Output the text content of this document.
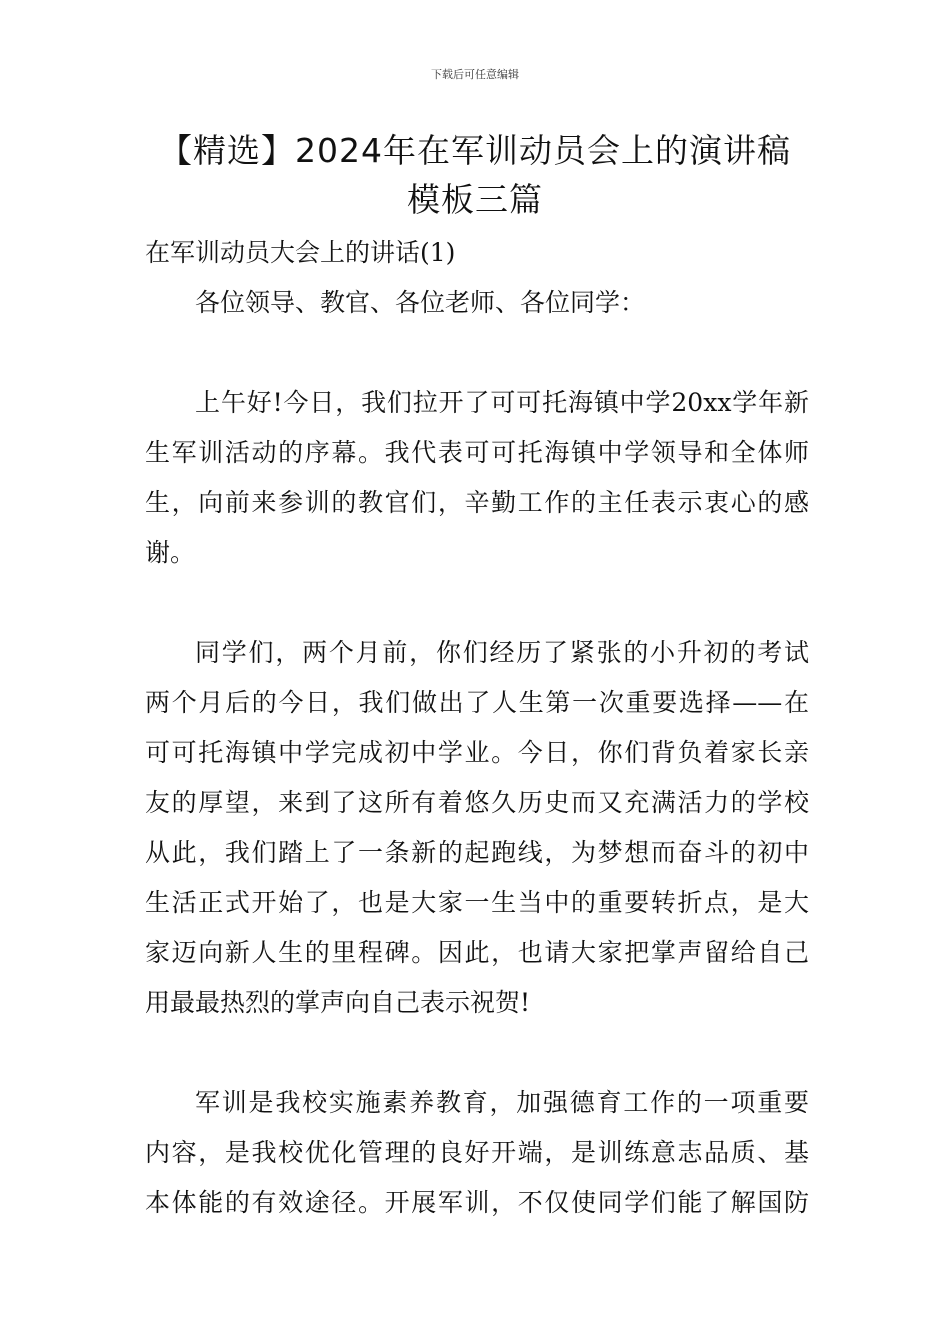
下载后可任意编辑
【精选】2024年在军训动员会上的演讲稿
模板三篇

在军训动员大会上的讲话(1)

各位领导、教官、各位老师、各位同学：

上午好!今日，我们拉开了可可托海镇中学20xx学年新
生军训活动的序幕。我代表可可托海镇中学领导和全体师
生，向前来参训的教官们，辛勤工作的主任表示衷心的感
谢。

同学们，两个月前，你们经历了紧张的小升初的考试
两个月后的今日，我们做出了人生第一次重要选择——在
可可托海镇中学完成初中学业。今日，你们背负着家长亲
友的厚望，来到了这所有着悠久历史而又充满活力的学校
从此，我们踏上了一条新的起跑线，为梦想而奋斗的初中
生活正式开始了，也是大家一生当中的重要转折点，是大
家迈向新人生的里程碑。因此，也请大家把掌声留给自己
用最最热烈的掌声向自己表示祝贺!

军训是我校实施素养教育，加强德育工作的一项重要
内容，是我校优化管理的良好开端，是训练意志品质、基
本体能的有效途径。开展军训，不仅使同学们能了解国防
